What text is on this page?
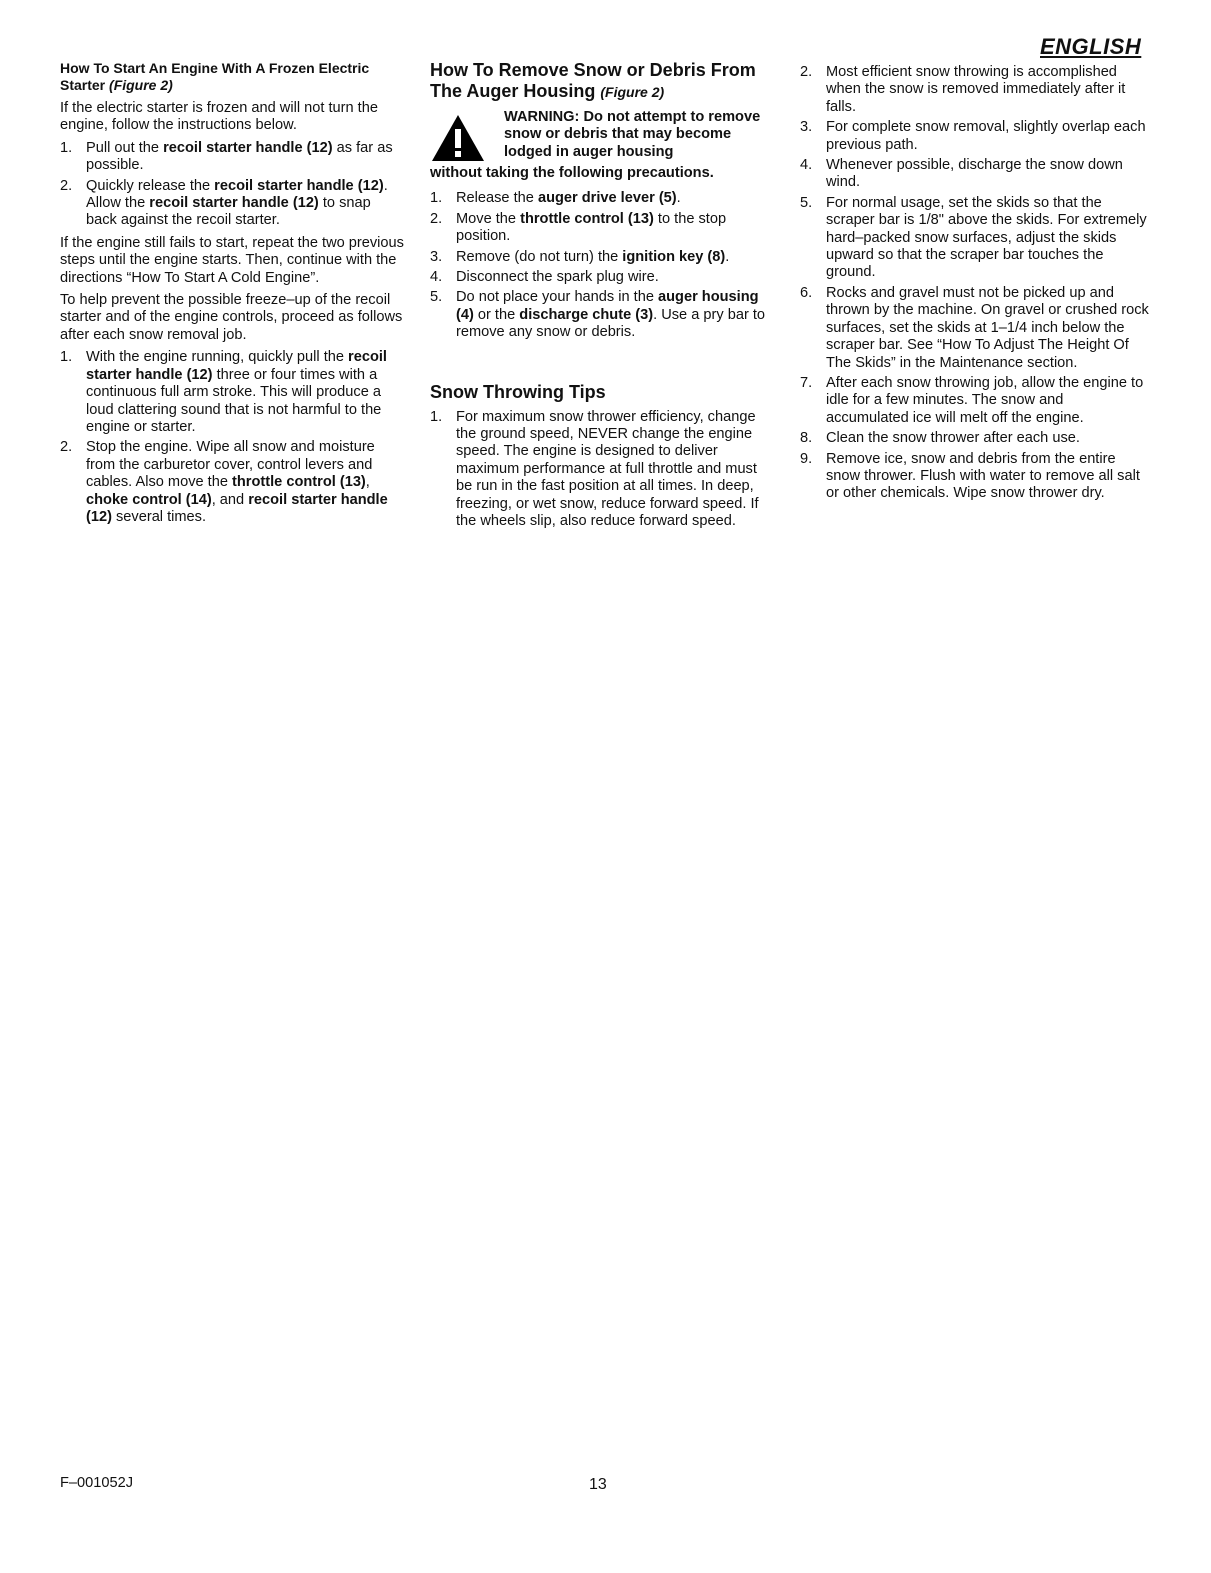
ENGLISH
How To Start An Engine With A Frozen Electric Starter (Figure 2)

If the electric starter is frozen and will not turn the engine, follow the instructions below.

1. Pull out the recoil starter handle (12) as far as possible.
2. Quickly release the recoil starter handle (12). Allow the recoil starter handle (12) to snap back against the recoil starter.

If the engine still fails to start, repeat the two previous steps until the engine starts. Then, continue with the directions “How To Start A Cold Engine”.

To help prevent the possible freeze–up of the recoil starter and of the engine controls, proceed as follows after each snow removal job.

1. With the engine running, quickly pull the recoil starter handle (12) three or four times with a continuous full arm stroke. This will produce a loud clattering sound that is not harmful to the engine or starter.
2. Stop the engine. Wipe all snow and moisture from the carburetor cover, control levers and cables. Also move the throttle control (13), choke control (14), and recoil starter handle (12) several times.
How To Remove Snow or Debris From The Auger Housing (Figure 2)
WARNING: Do not attempt to remove snow or debris that may become lodged in auger housing
without taking the following precautions.
1. Release the auger drive lever (5).
2. Move the throttle control (13) to the stop position.
3. Remove (do not turn) the ignition key (8).
4. Disconnect the spark plug wire.
5. Do not place your hands in the auger housing (4) or the discharge chute (3). Use a pry bar to remove any snow or debris.
Snow Throwing Tips
1. For maximum snow thrower efficiency, change the ground speed, NEVER change the engine speed. The engine is designed to deliver maximum performance at full throttle and must be run in the fast position at all times. In deep, freezing, or wet snow, reduce forward speed. If the wheels slip, also reduce forward speed.
2. Most efficient snow throwing is accomplished when the snow is removed immediately after it falls.
3. For complete snow removal, slightly overlap each previous path.
4. Whenever possible, discharge the snow down wind.
5. For normal usage, set the skids so that the scraper bar is 1/8" above the skids. For extremely hard–packed snow surfaces, adjust the skids upward so that the scraper bar touches the ground.
6. Rocks and gravel must not be picked up and thrown by the machine. On gravel or crushed rock surfaces, set the skids at 1–1/4 inch below the scraper bar. See “How To Adjust The Height Of The Skids” in the Maintenance section.
7. After each snow throwing job, allow the engine to idle for a few minutes. The snow and accumulated ice will melt off the engine.
8. Clean the snow thrower after each use.
9. Remove ice, snow and debris from the entire snow thrower. Flush with water to remove all salt or other chemicals. Wipe snow thrower dry.
F–001052J	13
